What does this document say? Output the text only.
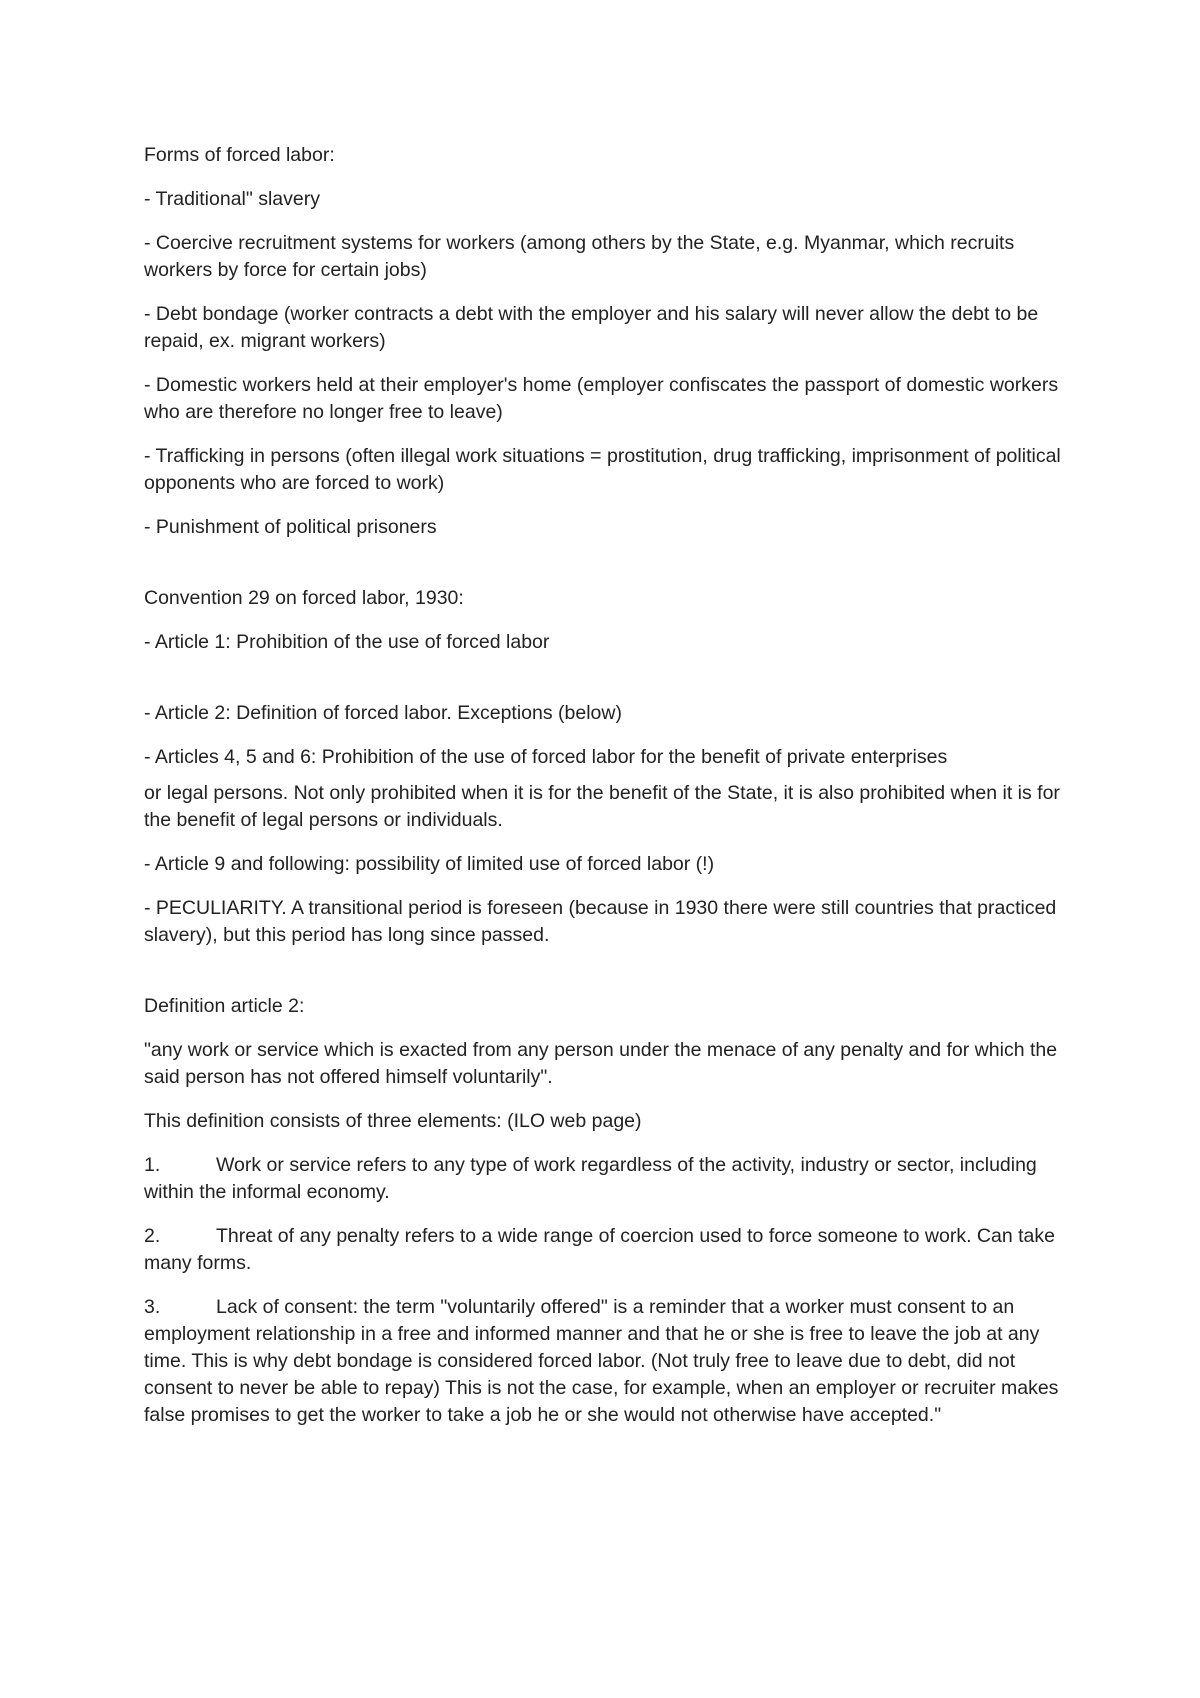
Forms of forced labor:

- Traditional" slavery

- Coercive recruitment systems for workers (among others by the State, e.g. Myanmar, which recruits workers by force for certain jobs)

- Debt bondage (worker contracts a debt with the employer and his salary will never allow the debt to be repaid, ex. migrant workers)

- Domestic workers held at their employer's home (employer confiscates the passport of domestic workers who are therefore no longer free to leave)

- Trafficking in persons (often illegal work situations = prostitution, drug trafficking, imprisonment of political opponents who are forced to work)

- Punishment of political prisoners

Convention 29 on forced labor, 1930:

- Article 1: Prohibition of the use of forced labor

- Article 2: Definition of forced labor. Exceptions (below)

- Articles 4, 5 and 6: Prohibition of the use of forced labor for the benefit of private enterprises

or legal persons. Not only prohibited when it is for the benefit of the State, it is also prohibited when it is for the benefit of legal persons or individuals.

- Article 9 and following: possibility of limited use of forced labor (!)

- PECULIARITY. A transitional period is foreseen (because in 1930 there were still countries that practiced slavery), but this period has long since passed.

Definition article 2:

"any work or service which is exacted from any person under the menace of any penalty and for which the said person has not offered himself voluntarily".

This definition consists of three elements: (ILO web page)

1.	Work or service refers to any type of work regardless of the activity, industry or sector, including within the informal economy.

2.	Threat of any penalty refers to a wide range of coercion used to force someone to work. Can take many forms.

3.	Lack of consent: the term "voluntarily offered" is a reminder that a worker must consent to an employment relationship in a free and informed manner and that he or she is free to leave the job at any time. This is why debt bondage is considered forced labor. (Not truly free to leave due to debt, did not consent to never be able to repay) This is not the case, for example, when an employer or recruiter makes false promises to get the worker to take a job he or she would not otherwise have accepted."
